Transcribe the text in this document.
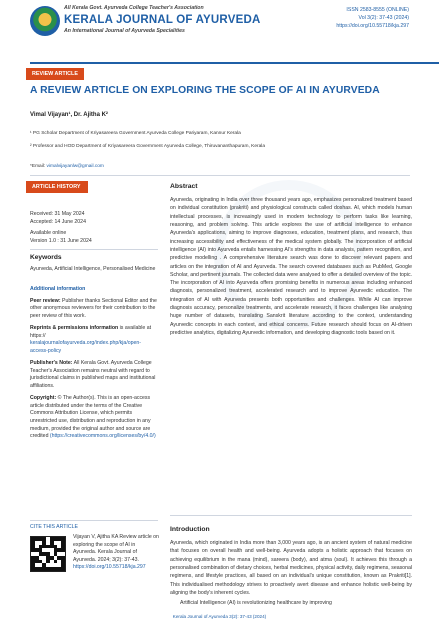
All Kerala Govt. Ayurveda College Teacher's Association
KERALA JOURNAL OF AYURVEDA
An International Journal of Ayurveda Specialities
ISSN 2583-8555 (ONLINE)
Vol 3(2): 37-43 (2024)
https://doi.org/10.55718/kja.297
REVIEW ARTICLE
A REVIEW ARTICLE ON EXPLORING THE SCOPE OF AI IN AYURVEDA
Vimal Vijayan¹, Dr. Ajitha K²

¹ PG Scholar Department of Kriyasareera Government Ayurveda College Pariyaram, Kannur Kerala

² Professor and HOD Department of Kriyasareera Government Ayurveda College, Thiruvananthapuram, Kerala

*Email: vimalvijayanlw@gmail.com
ARTICLE HISTORY
Received: 31 May 2024
Accepted: 14 June 2024
Available online
Version 1.0 : 31 June 2024
Keywords
Ayurveda, Artificial Intelligence, Personalised Medicine
Additional information
Peer review: Publisher thanks Sectional Editor and the other anonymous reviewers for their contribution to the peer review of this work.
Reprints & permissions information is available at https:// keralajournalofayurveda.org/index.php/kja/open-access-policy
Publisher's Note: All Kerala Govt. Ayurveda College Teacher's Association remains neutral with regard to jurisdictional claims in published maps and institutional affiliations.
Copyright: © The Author(s). This is an open-access article distributed under the terms of the Creative Commons Attribution License, which permits unrestricted use, distribution and reproduction in any medium, provided the original author and source are credited (https://creativecommons.org/licenses/by/4.0/)
CITE THIS ARTICLE
Vijayan V, Ajitha KA Review article on exploring the scope of AI in Ayurveda. Kerala Journal of Ayurveda. 2024; 3(2): 37-43.
https://doi.org/10.55718/kja.297
Abstract
Ayurveda, originating in India over three thousand years ago, emphasizes personalized treatment based on individual constitution (prakriti) and physiological constructs called doshas. AI, which models human intellectual processes, is increasingly used in modern technology to perform tasks like learning, reasoning, and problem solving. This article explores the use of artificial intelligence to enhance Ayurveda's applications, aiming to improve diagnoses, education, treatment plans, and research, thus increasing accessibility and effectiveness of the medical system globally. The incorporation of artificial intelligence (AI) into Ayurveda entails harnessing AI's strengths in data analysis, pattern recognition, and predictive modelling . A comprehensive literature search was done to discover relevant papers and articles on the integration of AI and Ayurveda. The search covered databases such as PubMed, Google Scholar, and pertinent journals. The collected data were analysed to offer a detailed overview of the topic. The incorporation of AI into Ayurveda offers promising benefits in numerous areas including enhanced diagnosis, personalized treatment, accelerated research and to improve Ayurvedic education. The integration of AI with Ayurveda presents both opportunities and challenges. While AI can improve diagnosis accuracy, personalize treatments, and accelerate research, it faces challenges like analysing huge number of datasets, translating Sanskrit literature according to the context, understanding Ayurvedic concepts in each context, and ethical concerns. Future research should focus on AI-driven predictive analytics, digitalizing Ayurvedic information, and developing diagnostic tools based on it.
Introduction
Ayurveda, which originated in India more than 3,000 years ago, is an ancient system of natural medicine that focuses on overall health and well-being. Ayurveda adopts a holistic approach that focuses on achieving equilibrium in the mana (mind), sareera (body), and atma (soul). It achieves this through a personalised combination of dietary choices, herbal medicines, physical activity, daily regimens, seasonal regimens, and lifestyle practices, all based on an individual's unique constitution, known as Prakriti[1]. This individualised methodology strives to proactively avert disease and enhance holistic well-being by aligning the body's inherent cycles.
Artificial Intelligence (AI) is revolutionizing healthcare by improving
Kerala Journal of Ayurveda 3(2): 37-43 (2024)
